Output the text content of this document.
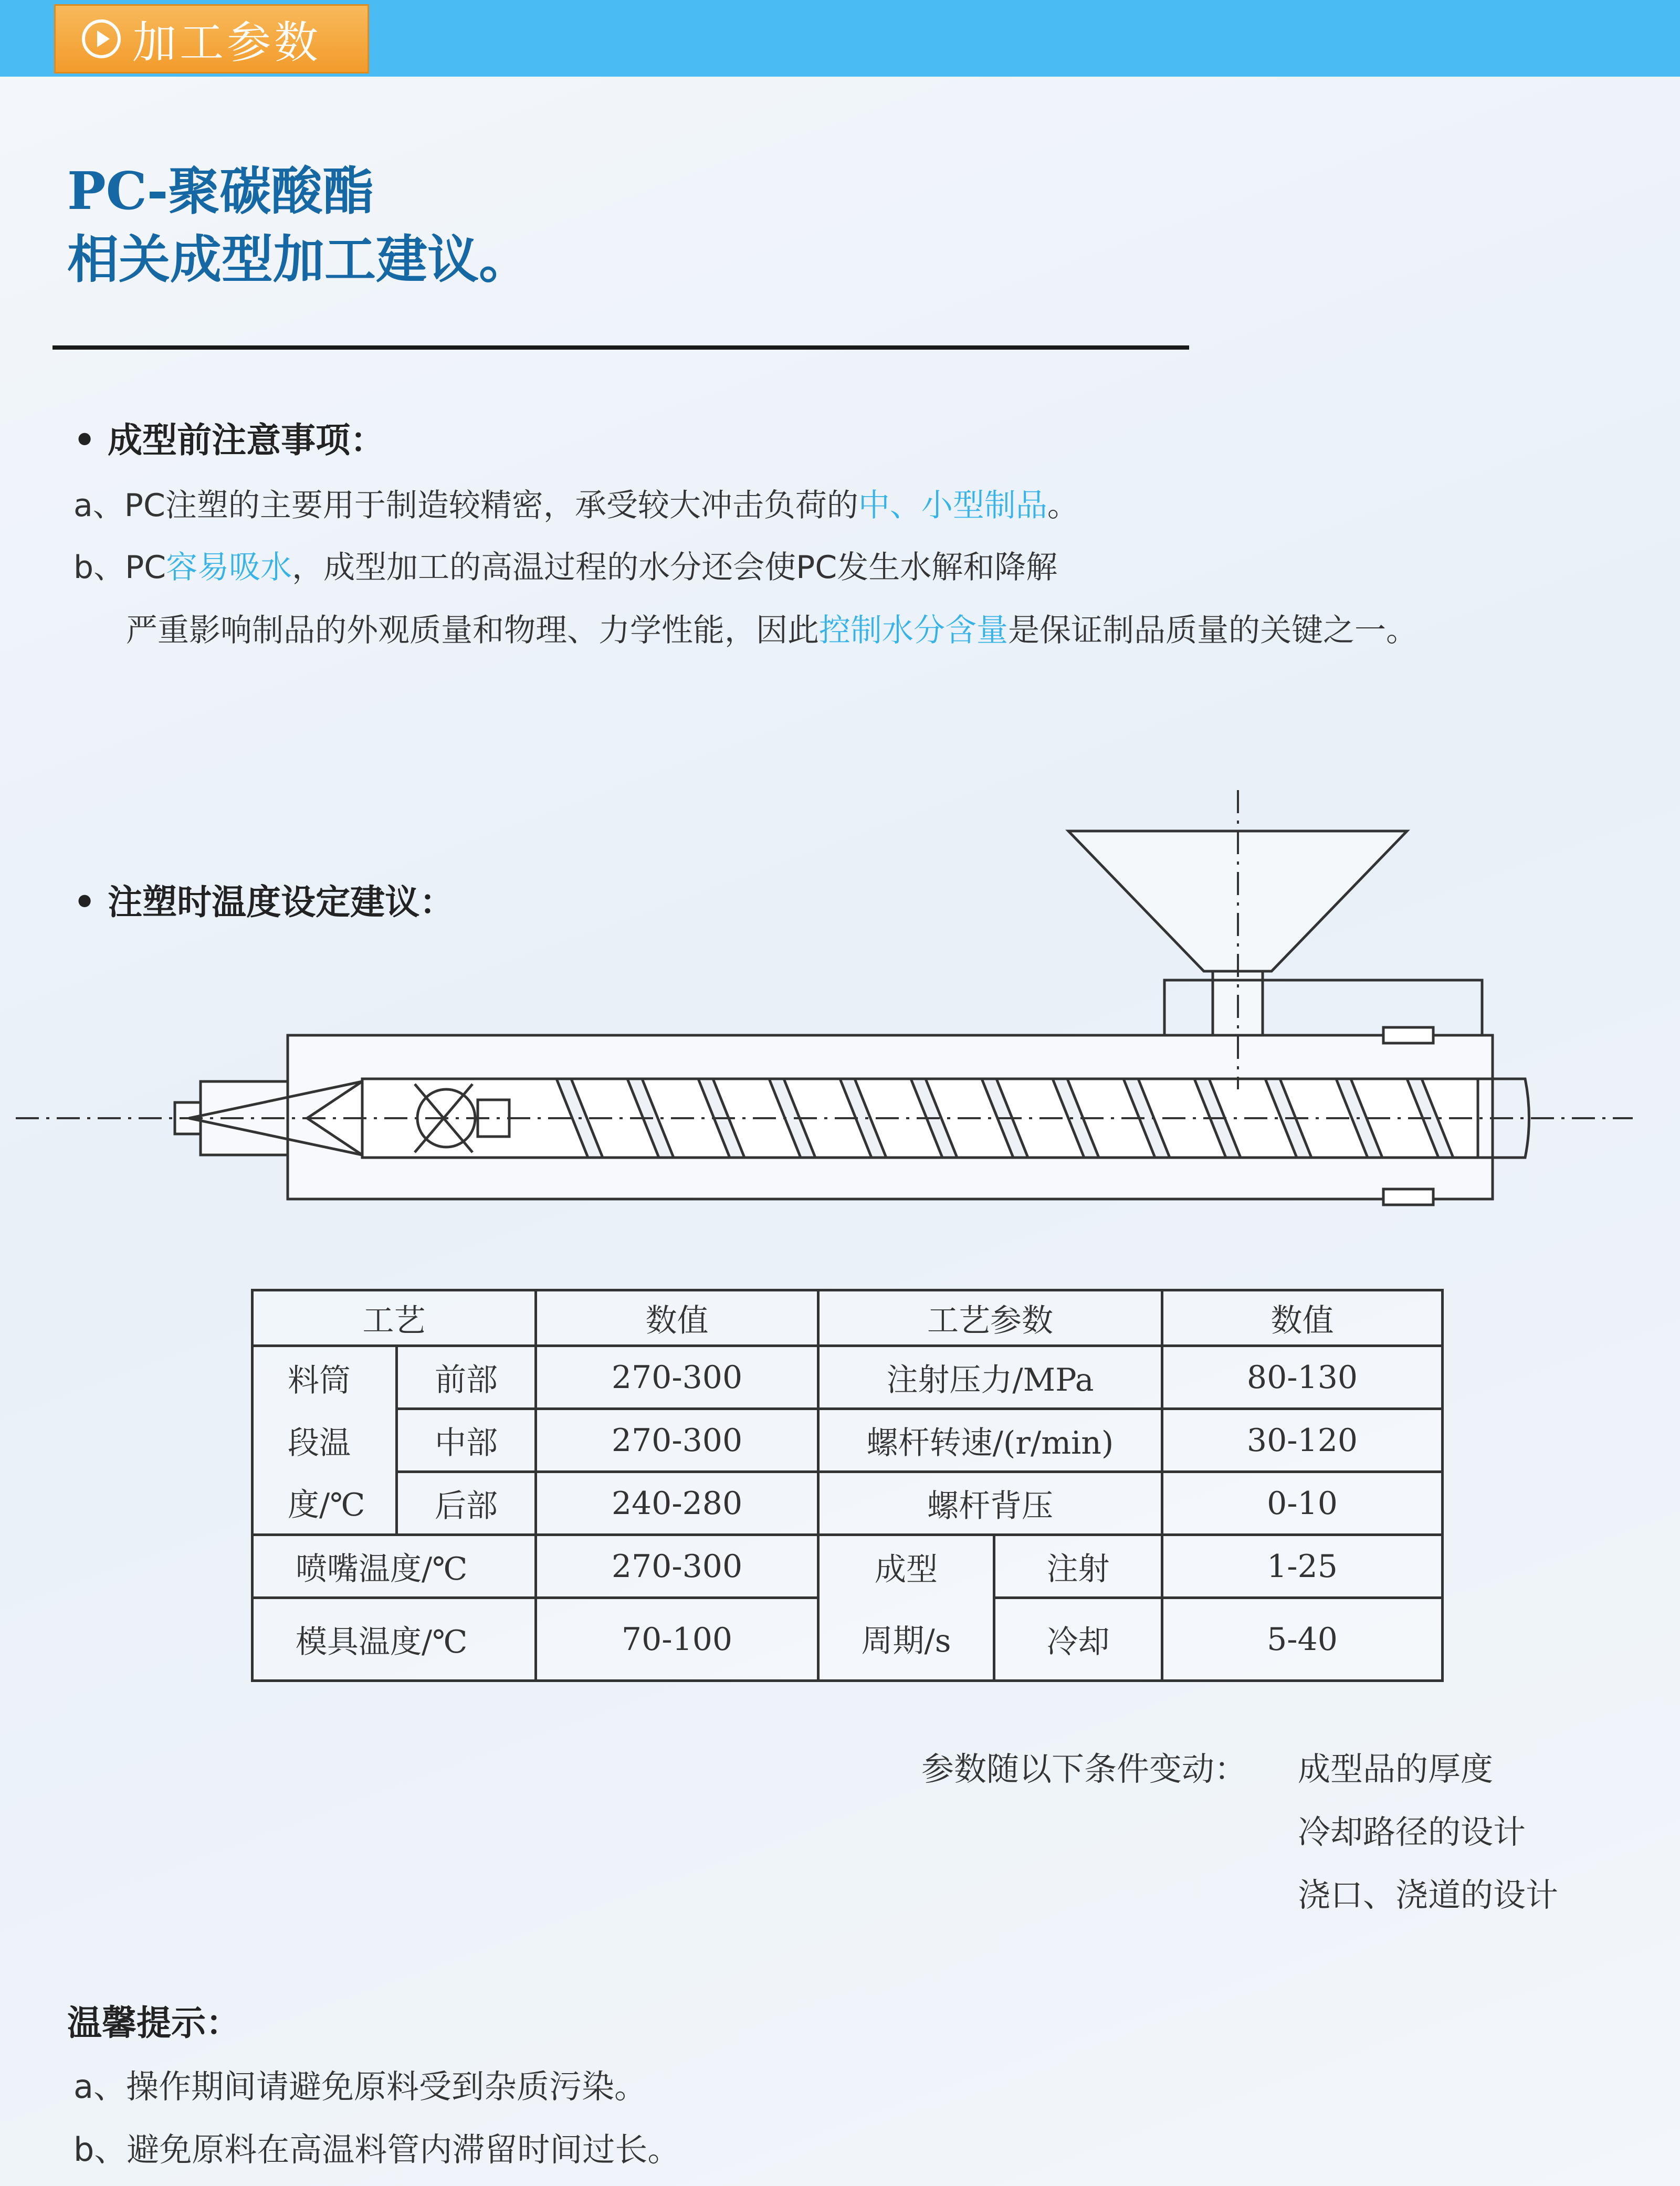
加工参数
PC-聚碳酸酯
相关成型加工建议。
• 成型前注意事项：
a、PC注塑的主要用于制造较精密，承受较大冲击负荷的中、小型制品。
b、PC容易吸水，成型加工的高温过程的水分还会使PC发生水解和降解
严重影响制品的外观质量和物理、力学性能，因此控制水分含量是保证制品质量的关键之一。
• 注塑时温度设定建议：
工艺		数值	工艺参数		数值
料筒	前部	270-300	注射压力/MPa		80-130
段温	中部	270-300	螺杆转速/(r/min)		30-120
度/℃	后部	240-280	螺杆背压		0-10
喷嘴温度/℃		270-300	成型	注射	1-25
模具温度/℃		70-100	周期/s	冷却	5-40
参数随以下条件变动： 成型品的厚度
冷却路径的设计
浇口、浇道的设计
温馨提示：
a、操作期间请避免原料受到杂质污染。
b、避免原料在高温料管内滞留时间过长。
